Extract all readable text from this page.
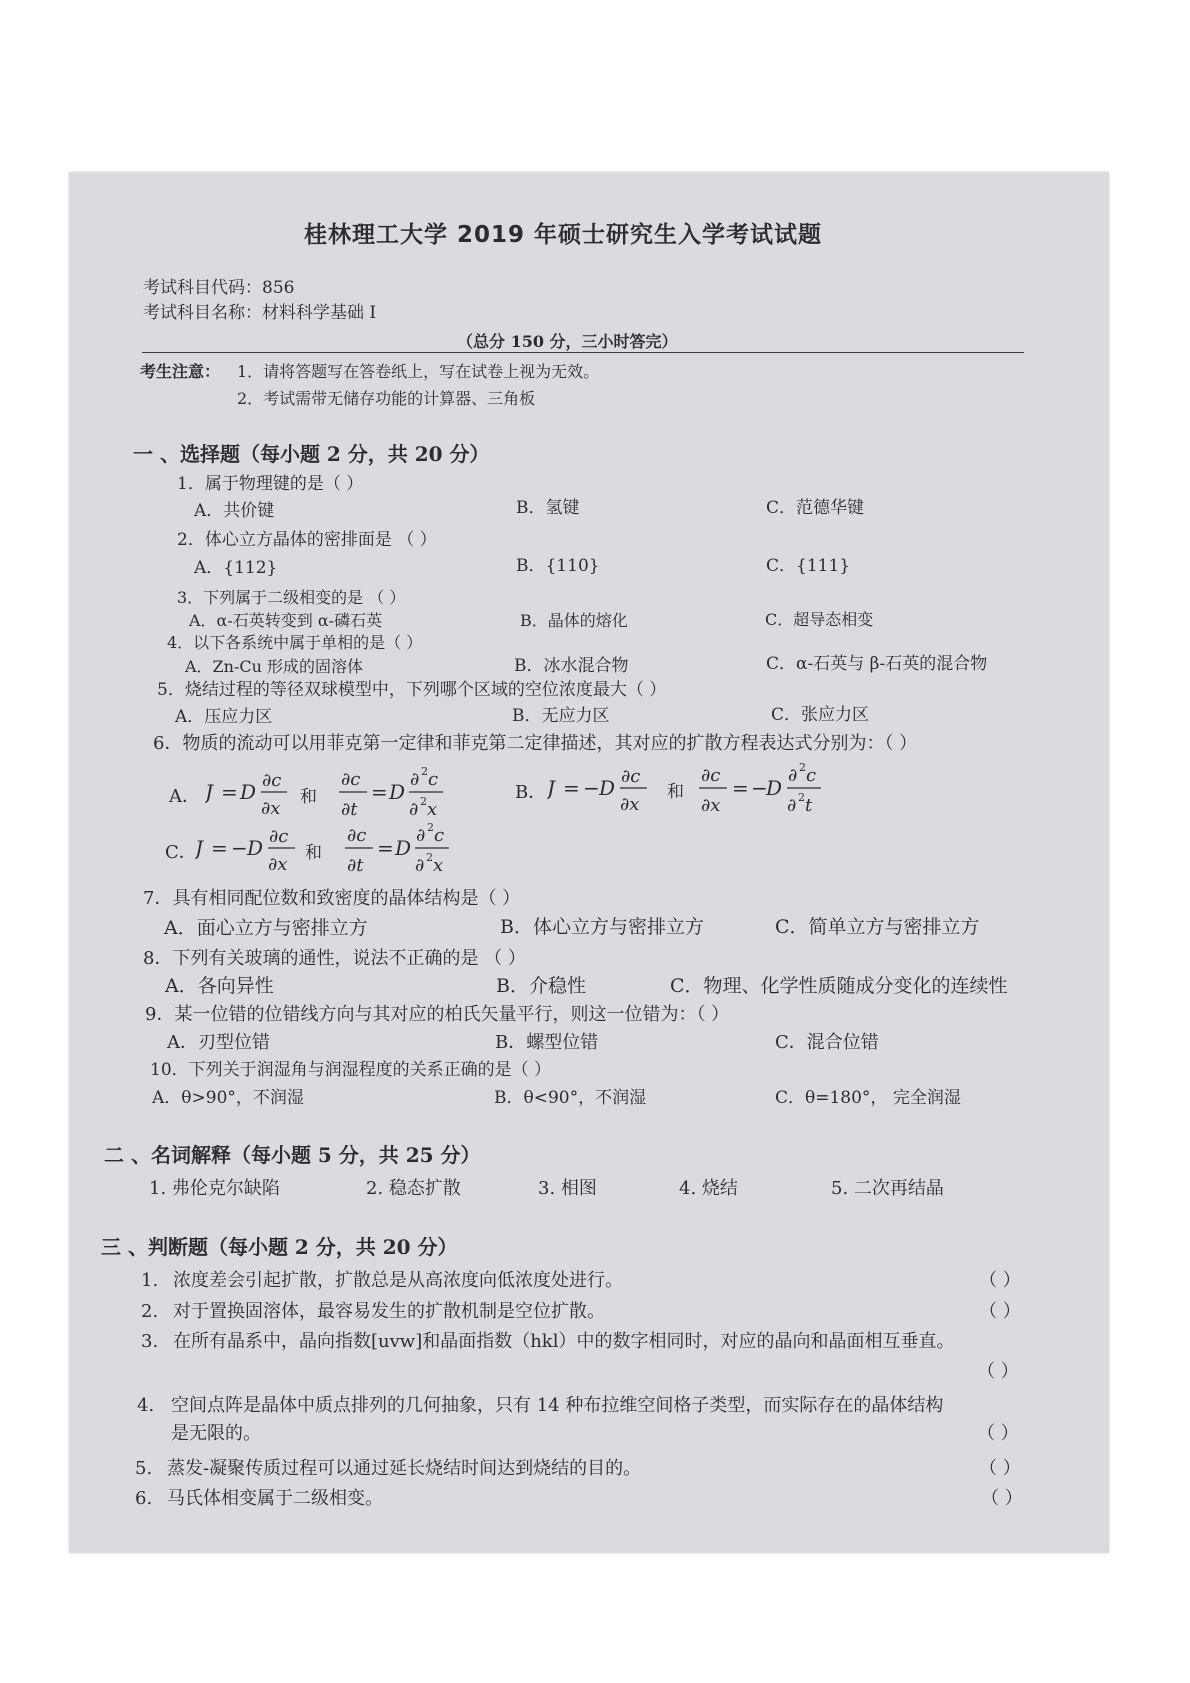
桂林理工大学 2019 年硕士研究生入学考试试题
考试科目代码：856
考试科目名称：材料科学基础 I
（总分 150 分，三小时答完）
考生注意： 1．请将答题写在答卷纸上，写在试卷上视为无效。
2．考试需带无储存功能的计算器、三角板
一 、选择题（每小题 2 分，共 20 分）
1．属于物理键的是（ ）
A．共价键	B．氢键	C．范德华键
2．体心立方晶体的密排面是 （ ）
A．{112}	B．{110}	C．{111}
3．下列属于二级相变的是 （ ）
A．α-石英转变到 α-磷石英	B．晶体的熔化	C．超导态相变
4．以下各系统中属于单相的是（ ）
A．Zn-Cu 形成的固溶体	B．冰水混合物	C．α-石英与 β-石英的混合物
5．烧结过程的等径双球模型中，下列哪个区域的空位浓度最大（ ）
A．压应力区	B．无应力区	C．张应力区
6．物质的流动可以用菲克第一定律和菲克第二定律描述，其对应的扩散方程表达式分别为：（ ）
A． J = D ∂c
∂x
和
∂c
∂t
= D
∂ 2 c
∂ 2 x
B． J = − D ∂c
∂x
和
∂c
∂x
= −
D
∂ 2 c
∂ 2 t
C．
J = − D ∂c
∂x
和
∂c
∂t
= D
∂ 2 c
∂ 2 x
7．具有相同配位数和致密度的晶体结构是（ ）
A．面心立方与密排立方	B．体心立方与密排立方	C．简单立方与密排立方
8．下列有关玻璃的通性，说法不正确的是 （ ）
A．各向异性	B．介稳性	C．物理、化学性质随成分变化的连续性
9．某一位错的位错线方向与其对应的柏氏矢量平行，则这一位错为：（ ）
A．刃型位错	B．螺型位错	C．混合位错
10．下列关于润湿角与润湿程度的关系正确的是（ ）
A．θ>90°，不润湿	B．θ<90°，不润湿	C．θ=180°， 完全润湿
二 、名词解释（每小题 5 分，共 25 分）
1. 弗伦克尔缺陷	2. 稳态扩散	3. 相图	4. 烧结	5. 二次再结晶
三 、判断题（每小题 2 分，共 20 分）
1. 浓度差会引起扩散，扩散总是从高浓度向低浓度处进行。	（ ）
2. 对于置换固溶体，最容易发生的扩散机制是空位扩散。	（ ）
3. 在所有晶系中，晶向指数[uvw]和晶面指数（hkl）中的数字相同时，对应的晶向和晶面相互垂直。
（ ）
4. 空间点阵是晶体中质点排列的几何抽象，只有 14 种布拉维空间格子类型，而实际存在的晶体结构
是无限的。	（ ）
5. 蒸发-凝聚传质过程可以通过延长烧结时间达到烧结的目的。	（ ）
6. 马氏体相变属于二级相变。	（ ）
